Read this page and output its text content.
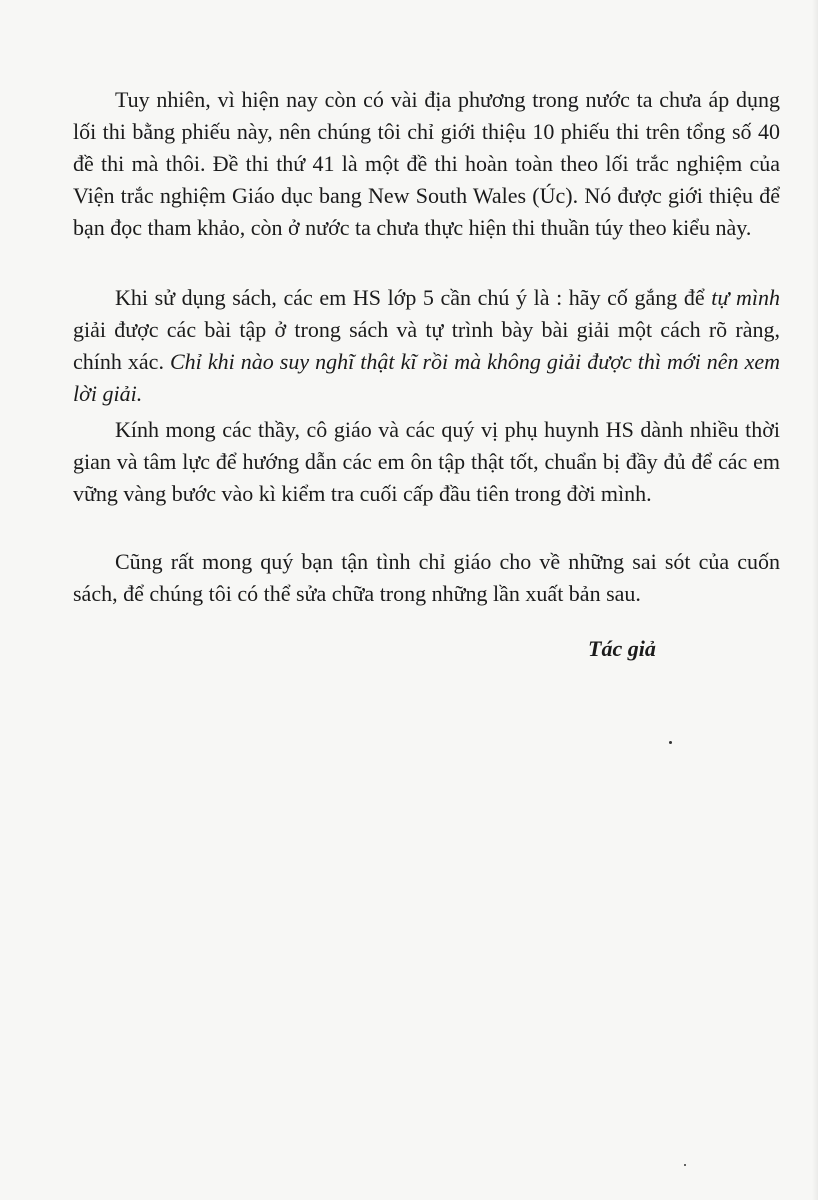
Tuy nhiên, vì hiện nay còn có vài địa phương trong nước ta chưa áp dụng lối thi bằng phiếu này, nên chúng tôi chỉ giới thiệu 10 phiếu thi trên tổng số 40 đề thi mà thôi. Đề thi thứ 41 là một đề thi hoàn toàn theo lối trắc nghiệm của Viện trắc nghiệm Giáo dục bang New South Wales (Úc). Nó được giới thiệu để bạn đọc tham khảo, còn ở nước ta chưa thực hiện thi thuần túy theo kiểu này.

Khi sử dụng sách, các em HS lớp 5 cần chú ý là : hãy cố gắng để tự mình giải được các bài tập ở trong sách và tự trình bày bài giải một cách rõ ràng, chính xác. Chỉ khi nào suy nghĩ thật kĩ rồi mà không giải được thì mới nên xem lời giải.

Kính mong các thầy, cô giáo và các quý vị phụ huynh HS dành nhiều thời gian và tâm lực để hướng dẫn các em ôn tập thật tốt, chuẩn bị đầy đủ để các em vững vàng bước vào kì kiểm tra cuối cấp đầu tiên trong đời mình.

Cũng rất mong quý bạn tận tình chỉ giáo cho về những sai sót của cuốn sách, để chúng tôi có thể sửa chữa trong những lần xuất bản sau.

Tác giả
